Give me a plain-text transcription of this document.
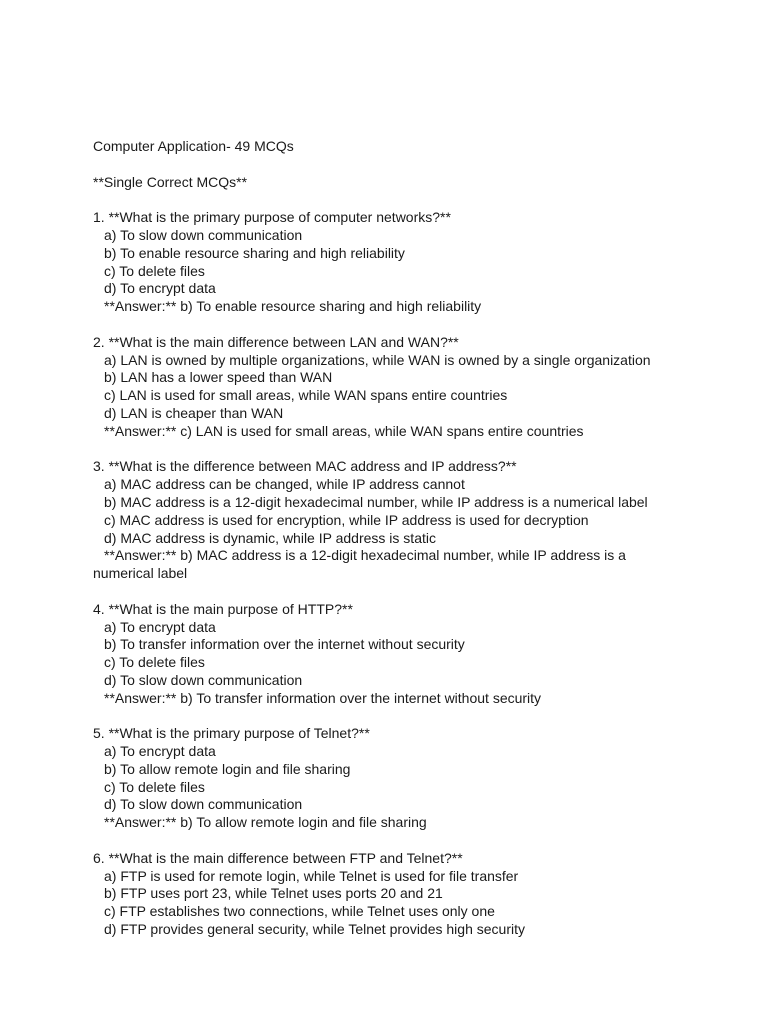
Computer Application- 49 MCQs

**Single Correct MCQs**

1. **What is the primary purpose of computer networks?**

a) To slow down communication

b) To enable resource sharing and high reliability

c) To delete files

d) To encrypt data

**Answer:** b) To enable resource sharing and high reliability

2. **What is the main difference between LAN and WAN?**

a) LAN is owned by multiple organizations, while WAN is owned by a single organization

b) LAN has a lower speed than WAN

c) LAN is used for small areas, while WAN spans entire countries

d) LAN is cheaper than WAN

**Answer:** c) LAN is used for small areas, while WAN spans entire countries

3. **What is the difference between MAC address and IP address?**

a) MAC address can be changed, while IP address cannot

b) MAC address is a 12-digit hexadecimal number, while IP address is a numerical label

c) MAC address is used for encryption, while IP address is used for decryption

d) MAC address is dynamic, while IP address is static

**Answer:** b) MAC address is a 12-digit hexadecimal number, while IP address is a

numerical label

4. **What is the main purpose of HTTP?**

a) To encrypt data

b) To transfer information over the internet without security

c) To delete files

d) To slow down communication

**Answer:** b) To transfer information over the internet without security

5. **What is the primary purpose of Telnet?**

a) To encrypt data

b) To allow remote login and file sharing

c) To delete files

d) To slow down communication

**Answer:** b) To allow remote login and file sharing

6. **What is the main difference between FTP and Telnet?**

a) FTP is used for remote login, while Telnet is used for file transfer

b) FTP uses port 23, while Telnet uses ports 20 and 21

c) FTP establishes two connections, while Telnet uses only one

d) FTP provides general security, while Telnet provides high security
